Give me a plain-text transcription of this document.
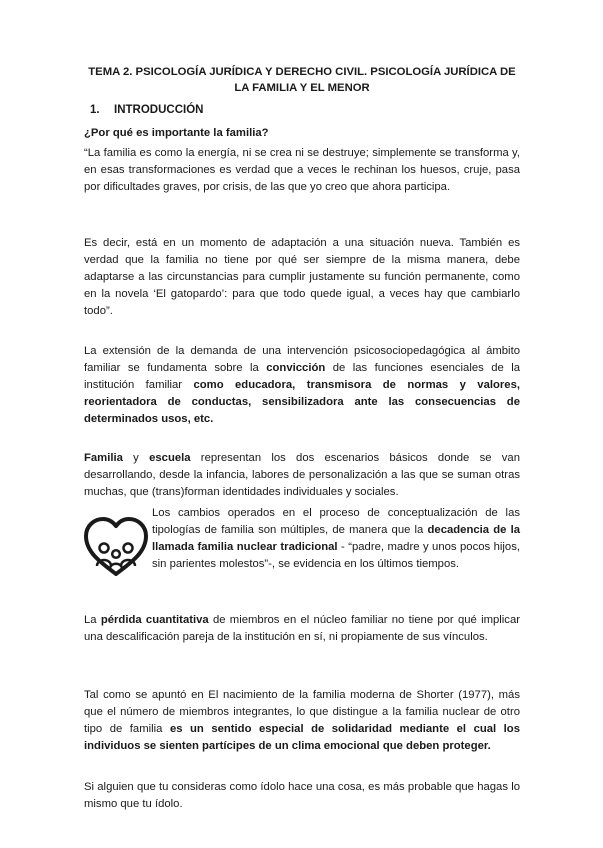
TEMA 2. PSICOLOGÍA JURÍDICA Y DERECHO CIVIL. PSICOLOGÍA JURÍDICA DE LA FAMILIA Y EL MENOR
1. INTRODUCCIÓN
¿Por qué es importante la familia?
“La familia es como la energía, ni se crea ni se destruye; simplemente se transforma y, en esas transformaciones es verdad que a veces le rechinan los huesos, cruje, pasa por dificultades graves, por crisis, de las que yo creo que ahora participa.
Es decir, está en un momento de adaptación a una situación nueva. También es verdad que la familia no tiene por qué ser siempre de la misma manera, debe adaptarse a las circunstancias para cumplir justamente su función permanente, como en la novela ‘El gatopardo’: para que todo quede igual, a veces hay que cambiarlo todo”.
La extensión de la demanda de una intervención psicosociopedagógica al ámbito familiar se fundamenta sobre la convicción de las funciones esenciales de la institución familiar como educadora, transmisora de normas y valores, reorientadora de conductas, sensibilizadora ante las consecuencias de determinados usos, etc.
Familia y escuela representan los dos escenarios básicos donde se van desarrollando, desde la infancia, labores de personalización a las que se suman otras muchas, que (trans)forman identidades individuales y sociales.
Los cambios operados en el proceso de conceptualización de las tipologías de familia son múltiples, de manera que la decadencia de la llamada familia nuclear tradicional - “padre, madre y unos pocos hijos, sin parientes molestos”-, se evidencia en los últimos tiempos.
La pérdida cuantitativa de miembros en el núcleo familiar no tiene por qué implicar una descalificación pareja de la institución en sí, ni propiamente de sus vínculos.
Tal como se apuntó en El nacimiento de la familia moderna de Shorter (1977), más que el número de miembros integrantes, lo que distingue a la familia nuclear de otro tipo de familia es un sentido especial de solidaridad mediante el cual los individuos se sienten partícipes de un clima emocional que deben proteger.
Si alguien que tu consideras como ídolo hace una cosa, es más probable que hagas lo mismo que tu ídolo.
